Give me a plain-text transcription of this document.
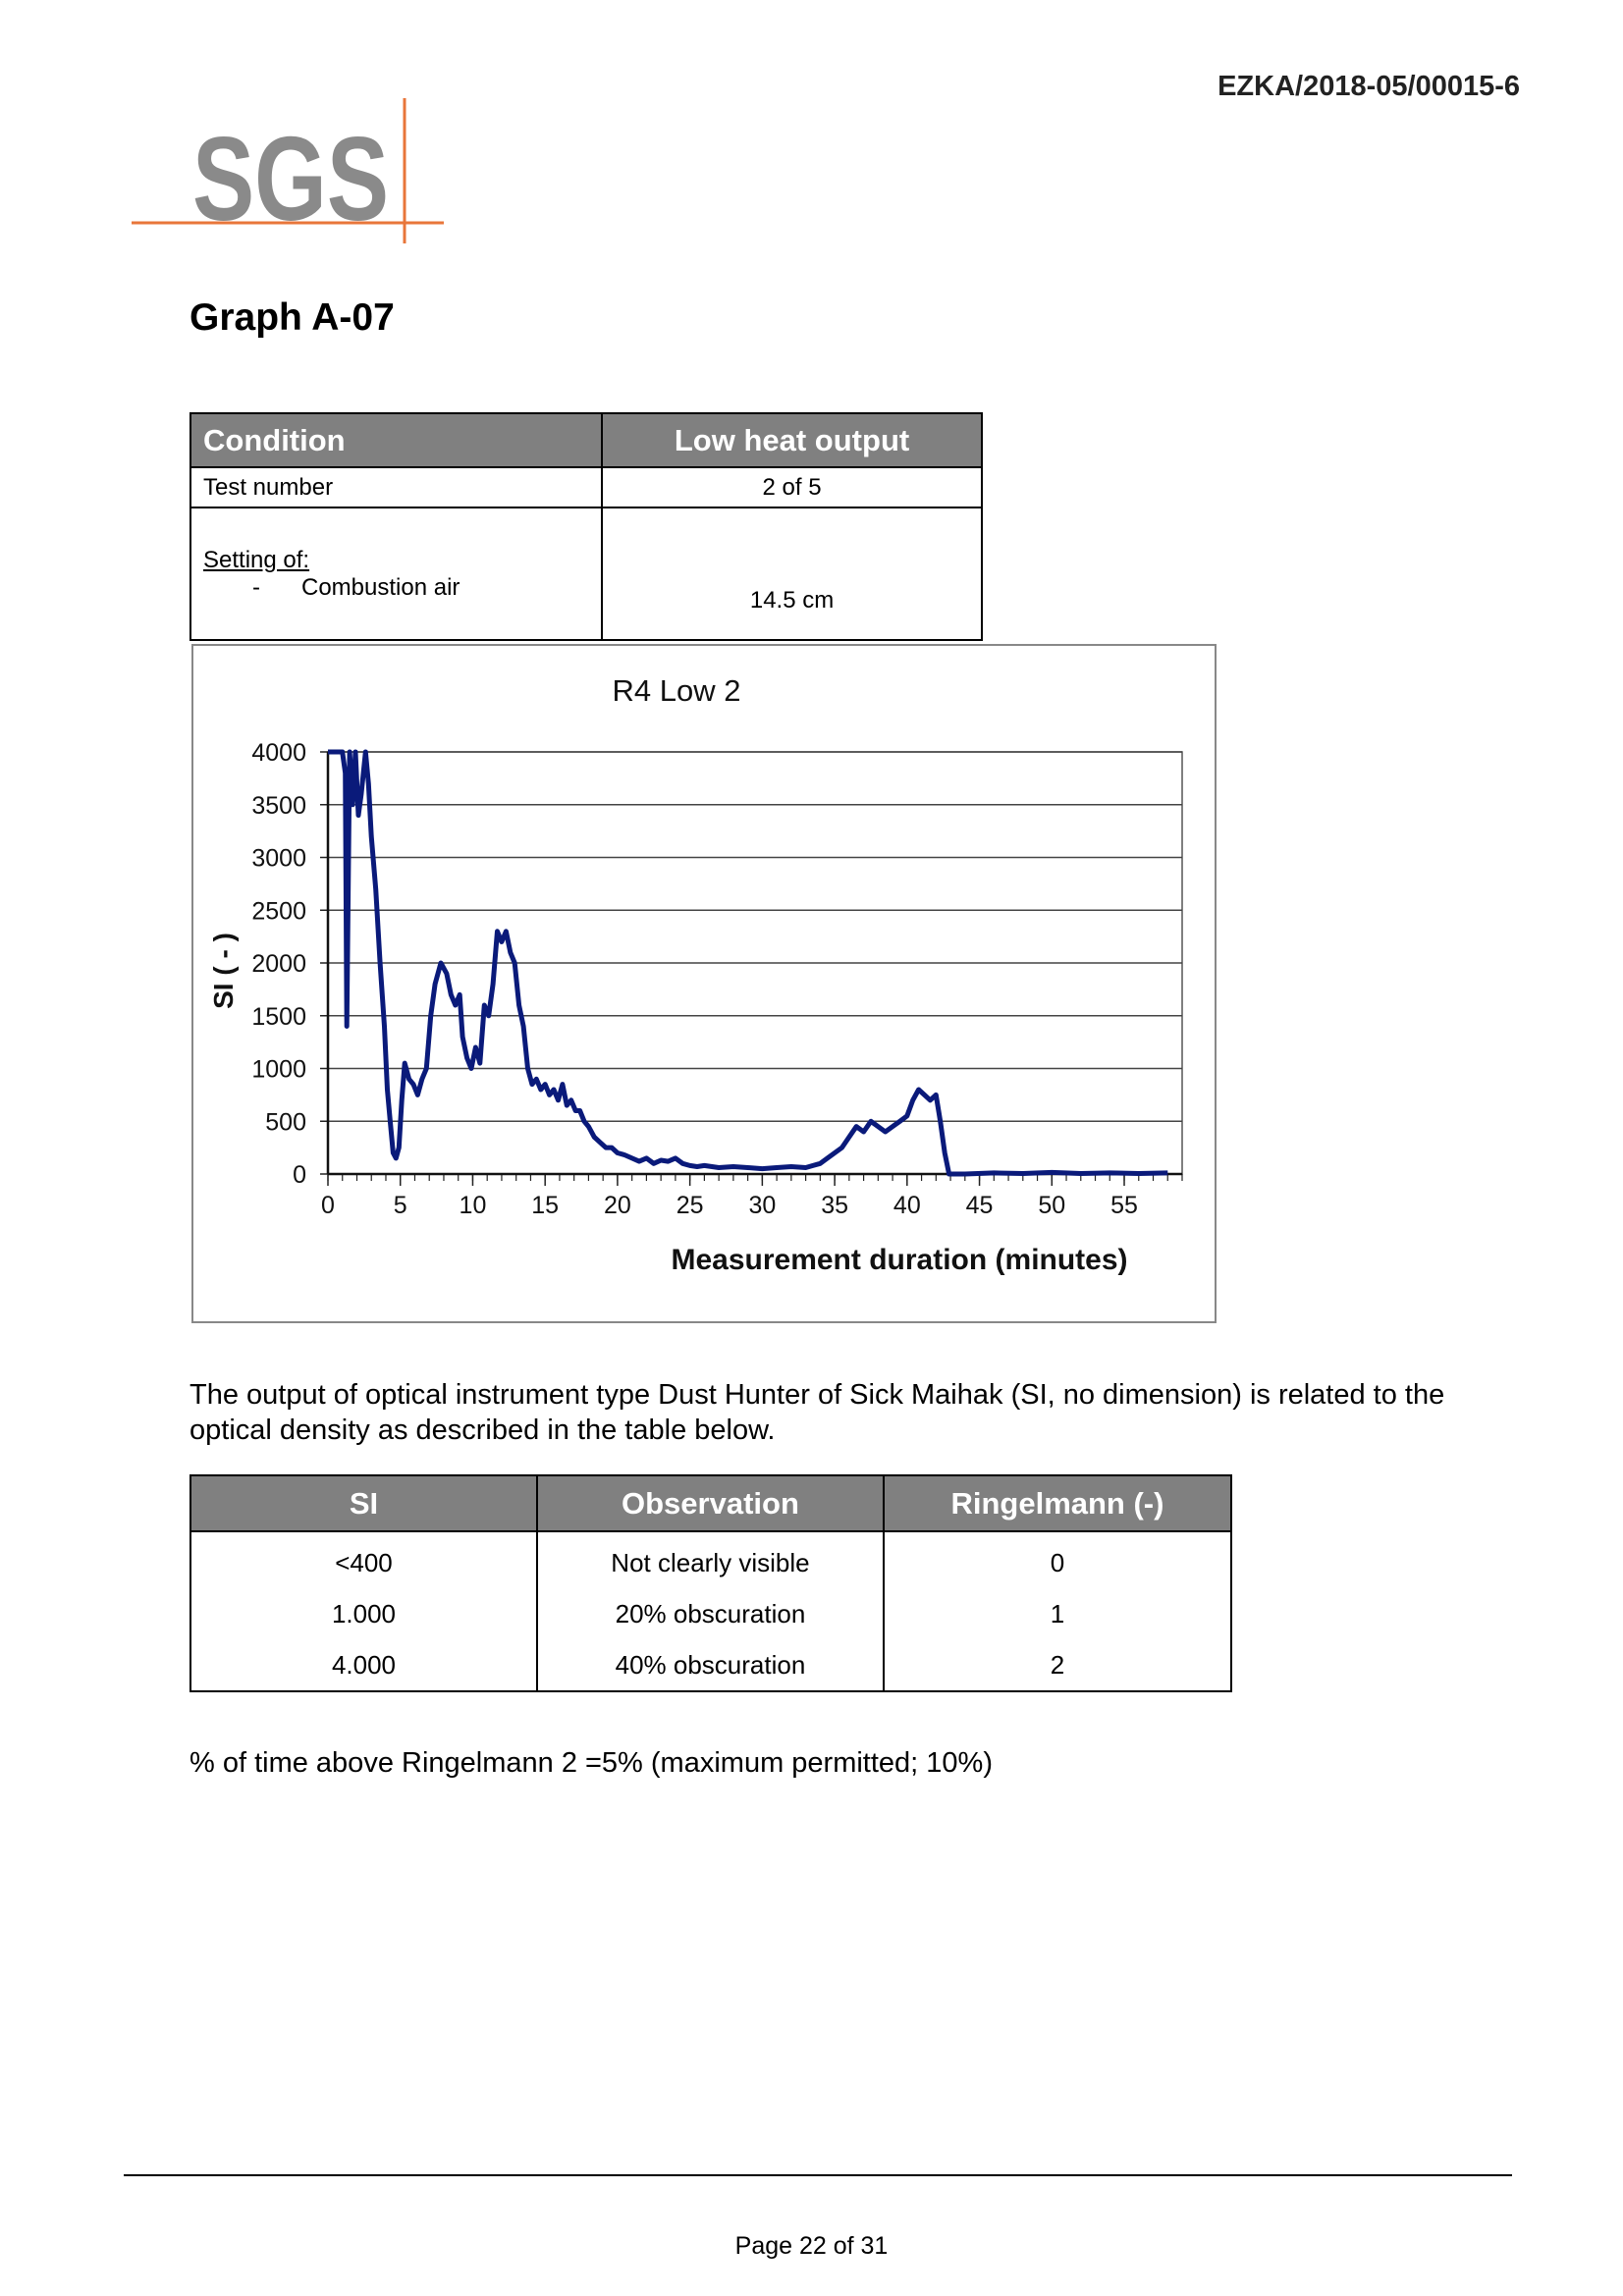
EZKA/2018-05/00015-6
SGS
Graph A-07
Condition	Low heat output
Test number	2 of 5

Setting of:
- Combustion air	14.5 cm
R4 Low 2
SI ( - )
Measurement duration (minutes)
0
500
1000
1500
2000
2500
3000
3500
4000
0 5 10 15 20 25 30 35 40 45 50 55
The output of optical instrument type Dust Hunter of Sick Maihak (SI, no dimension) is related to the optical density as described in the table below.
SI	Observation	Ringelmann (-)
<400	Not clearly visible	0
1.000	20% obscuration	1
4.000	40% obscuration	2
% of time above Ringelmann 2 =5% (maximum permitted; 10%)
Page 22 of 31
